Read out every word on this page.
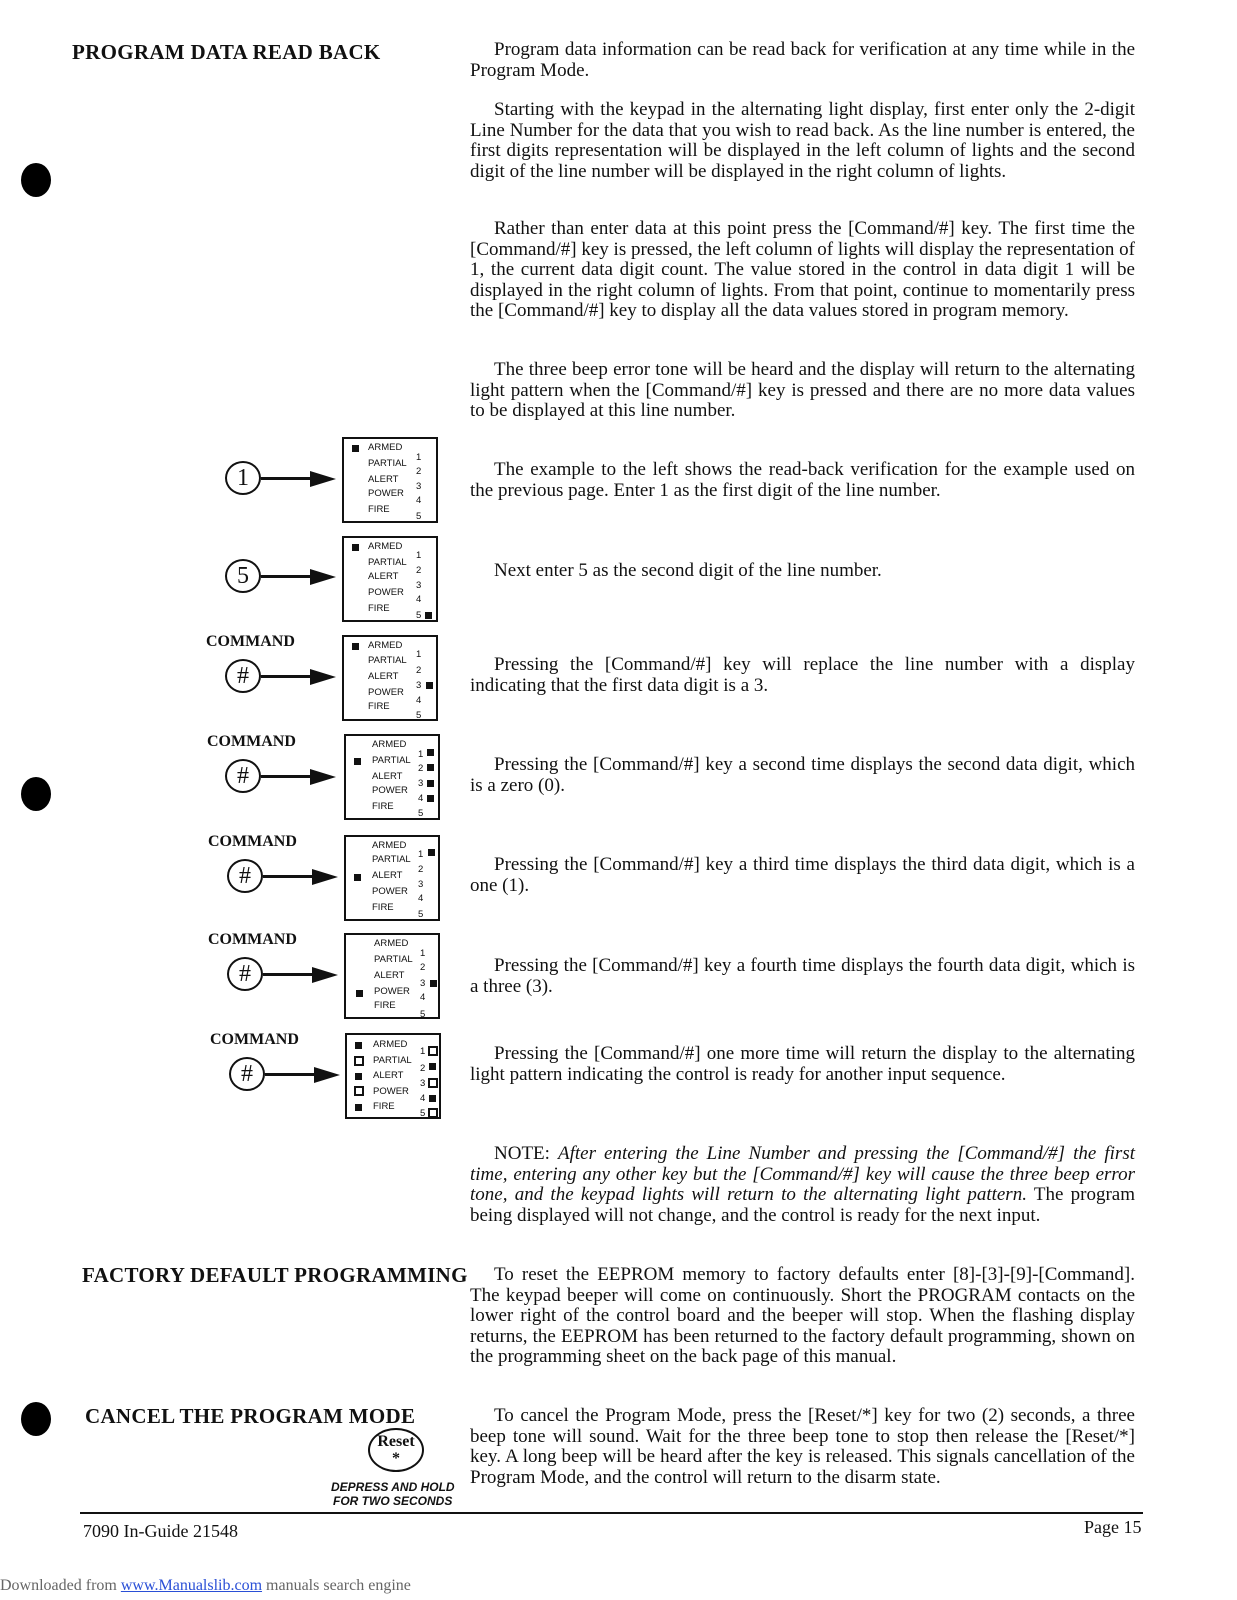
PROGRAM DATA READ BACK
FACTORY DEFAULT PROGRAMMING
CANCEL THE PROGRAM MODE
Program data information can be read back for verification at any time while in the Program Mode.
Starting with the keypad in the alternating light display, first enter only the 2-digit Line Number for the data that you wish to read back. As the line number is entered, the first digits representation will be displayed in the left column of lights and the second digit of the line number will be displayed in the right column of lights.
Rather than enter data at this point press the [Command/#] key. The first time the [Command/#] key is pressed, the left column of lights will display the representation of 1, the current data digit count. The value stored in the control in data digit 1 will be displayed in the right column of lights. From that point, continue to momentarily press the [Command/#] key to display all the data values stored in program memory.
The three beep error tone will be heard and the display will return to the alternating light pattern when the [Command/#] key is pressed and there are no more data values to be displayed at this line number.
The example to the left shows the read-back verification for the example used on the previous page. Enter 1 as the first digit of the line number.
Next enter 5 as the second digit of the line number.
Pressing the [Command/#] key will replace the line number with a display indicating that the first data digit is a 3.
Pressing the [Command/#] key a second time displays the second data digit, which is a zero (0).
Pressing the [Command/#] key a third time displays the third data digit, which is a one (1).
Pressing the [Command/#] key a fourth time displays the fourth data digit, which is a three (3).
Pressing the [Command/#] one more time will return the display to the alternating light pattern indicating the control is ready for another input sequence.
NOTE: After entering the Line Number and pressing the [Command/#] the first time, entering any other key but the [Command/#] key will cause the three beep error tone, and the keypad lights will return to the alternating light pattern. The program being displayed will not change, and the control is ready for the next input.
To reset the EEPROM memory to factory defaults enter [8]-[3]-[9]-[Command]. The keypad beeper will come on continuously. Short the PROGRAM contacts on the lower right of the control board and the beeper will stop. When the flashing display returns, the EEPROM has been returned to the factory default programming, shown on the programming sheet on the back page of this manual.
To cancel the Program Mode, press the [Reset/*] key for two (2) seconds, a three beep tone will sound. Wait for the three beep tone to stop then release the [Reset/*] key. A long beep will be heard after the key is released. This signals cancellation of the Program Mode, and the control will return to the disarm state.
1
ARMED
PARTIAL
ALERT
POWER
FIRE
1
2
3
4
5
5
ARMED
PARTIAL
ALERT
POWER
FIRE
1
2
3
4
5
COMMAND
#
ARMED
PARTIAL
ALERT
POWER
FIRE
1
2
3
4
5
COMMAND
#
ARMED
PARTIAL
ALERT
POWER
FIRE
1
2
3
4
5
COMMAND
#
ARMED
PARTIAL
ALERT
POWER
FIRE
1
2
3
4
5
COMMAND
#
ARMED
PARTIAL
ALERT
POWER
FIRE
1
2
3
4
5
COMMAND
#
ARMED
PARTIAL
ALERT
POWER
FIRE
1
2
3
4
5
Reset
*
DEPRESS AND HOLD
FOR TWO SECONDS
7090 In-Guide 21548	Page 15
Downloaded from www.Manualslib.com manuals search engine
